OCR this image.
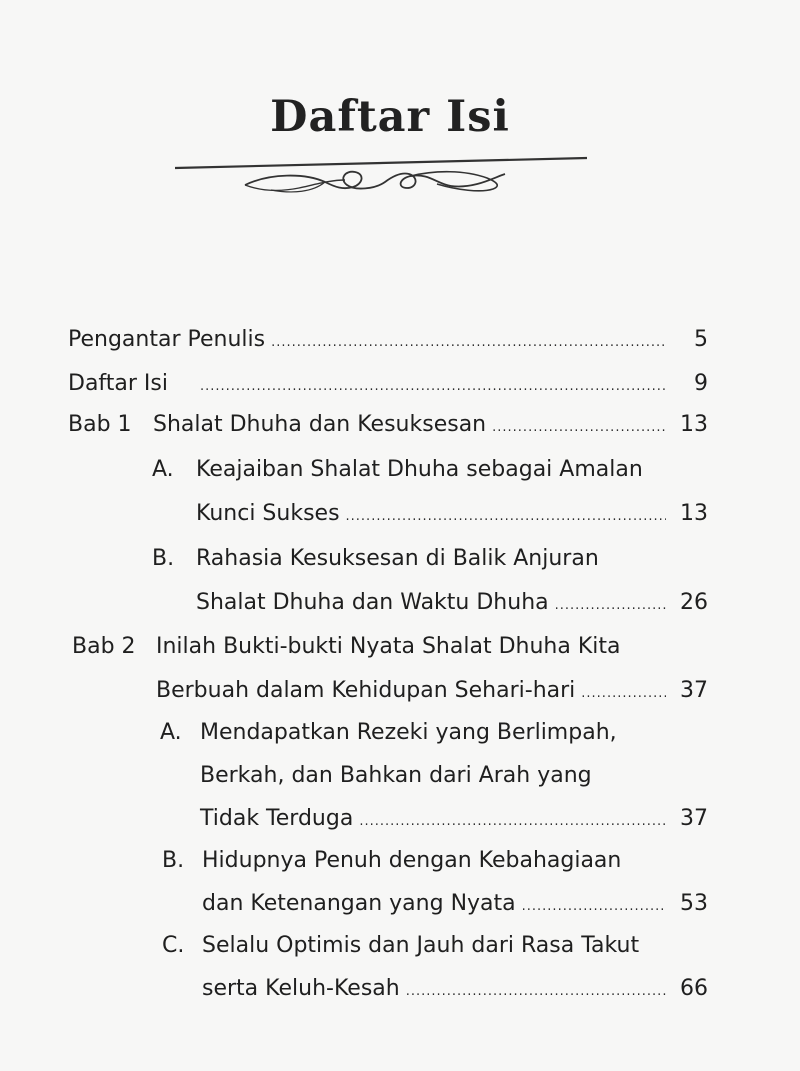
Daftar Isi
Pengantar Penulis .....	5
Daftar Isi .....	9
Bab 1 Shalat Dhuha dan Kesuksesan .....	13
A. Keajaiban Shalat Dhuha sebagai Amalan
Kunci Sukses .....	13
B. Rahasia Kesuksesan di Balik Anjuran
Shalat Dhuha dan Waktu Dhuha .....	26
Bab 2 Inilah Bukti-bukti Nyata Shalat Dhuha Kita
Berbuah dalam Kehidupan Sehari-hari .....	37
A. Mendapatkan Rezeki yang Berlimpah,
Berkah, dan Bahkan dari Arah yang
Tidak Terduga .....	37
B. Hidupnya Penuh dengan Kebahagiaan
dan Ketenangan yang Nyata .....	53
C. Selalu Optimis dan Jauh dari Rasa Takut
serta Keluh-Kesah .....	66
